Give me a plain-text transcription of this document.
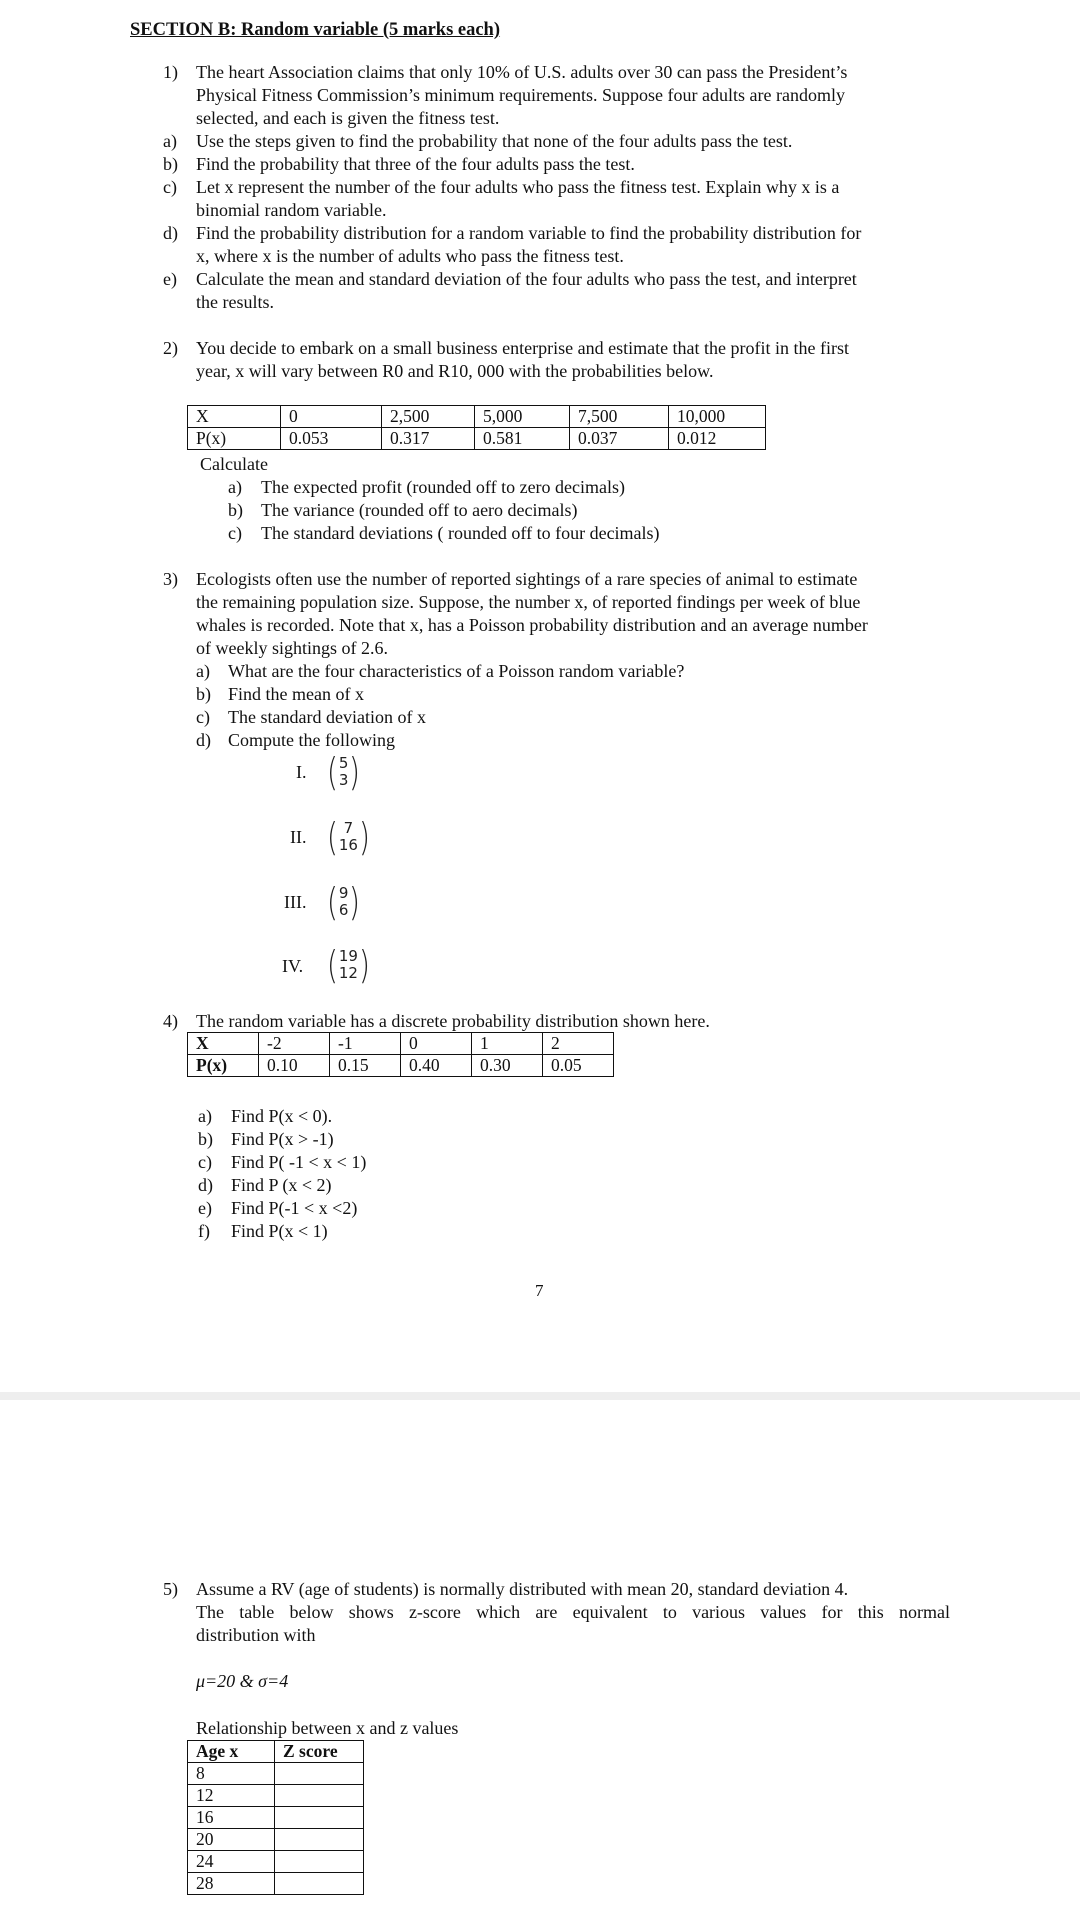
SECTION B: Random variable (5 marks each)
1) The heart Association claims that only 10% of U.S. adults over 30 can pass the President’s
Physical Fitness Commission’s minimum requirements. Suppose four adults are randomly
selected, and each is given the fitness test.
a) Use the steps given to find the probability that none of the four adults pass the test.
b) Find the probability that three of the four adults pass the test.
c) Let x represent the number of the four adults who pass the fitness test. Explain why x is a
binomial random variable.
d) Find the probability distribution for a random variable to find the probability distribution for
x, where x is the number of adults who pass the fitness test.
e) Calculate the mean and standard deviation of the four adults who pass the test, and interpret
the results.
2) You decide to embark on a small business enterprise and estimate that the profit in the first
year, x will vary between R0 and R10, 000 with the probabilities below.
X	0	2,500	5,000	7,500	10,000
P(x)	0.053	0.317	0.581	0.037	0.012
Calculate
a) The expected profit (rounded off to zero decimals)
b) The variance (rounded off to aero decimals)
c) The standard deviations ( rounded off to four decimals)
3) Ecologists often use the number of reported sightings of a rare species of animal to estimate
the remaining population size. Suppose, the number x, of reported findings per week of blue
whales is recorded. Note that x, has a Poisson probability distribution and an average number
of weekly sightings of 2.6.
a) What are the four characteristics of a Poisson random variable?
b) Find the mean of x
c) The standard deviation of x
d) Compute the following
I. ( 5
3 )
II. ( 7
16 )
III. ( 9
6 )
IV. ( 19
12 )
4) The random variable has a discrete probability distribution shown here.
X	-2	-1	0	1	2
P(x)	0.10	0.15	0.40	0.30	0.05
a) Find P(x < 0).
b) Find P(x > -1)
c) Find P( -1 < x < 1)
d) Find P (x < 2)
e) Find P(-1 < x <2)
f) Find P(x < 1)
7
5) Assume a RV (age of students) is normally distributed with mean 20, standard deviation 4.
The table below shows z-score which are equivalent to various values for this normal
distribution with
μ=20 & σ=4
Relationship between x and z values
Age x	Z score
8	
12	
16	
20	
24	
28	
